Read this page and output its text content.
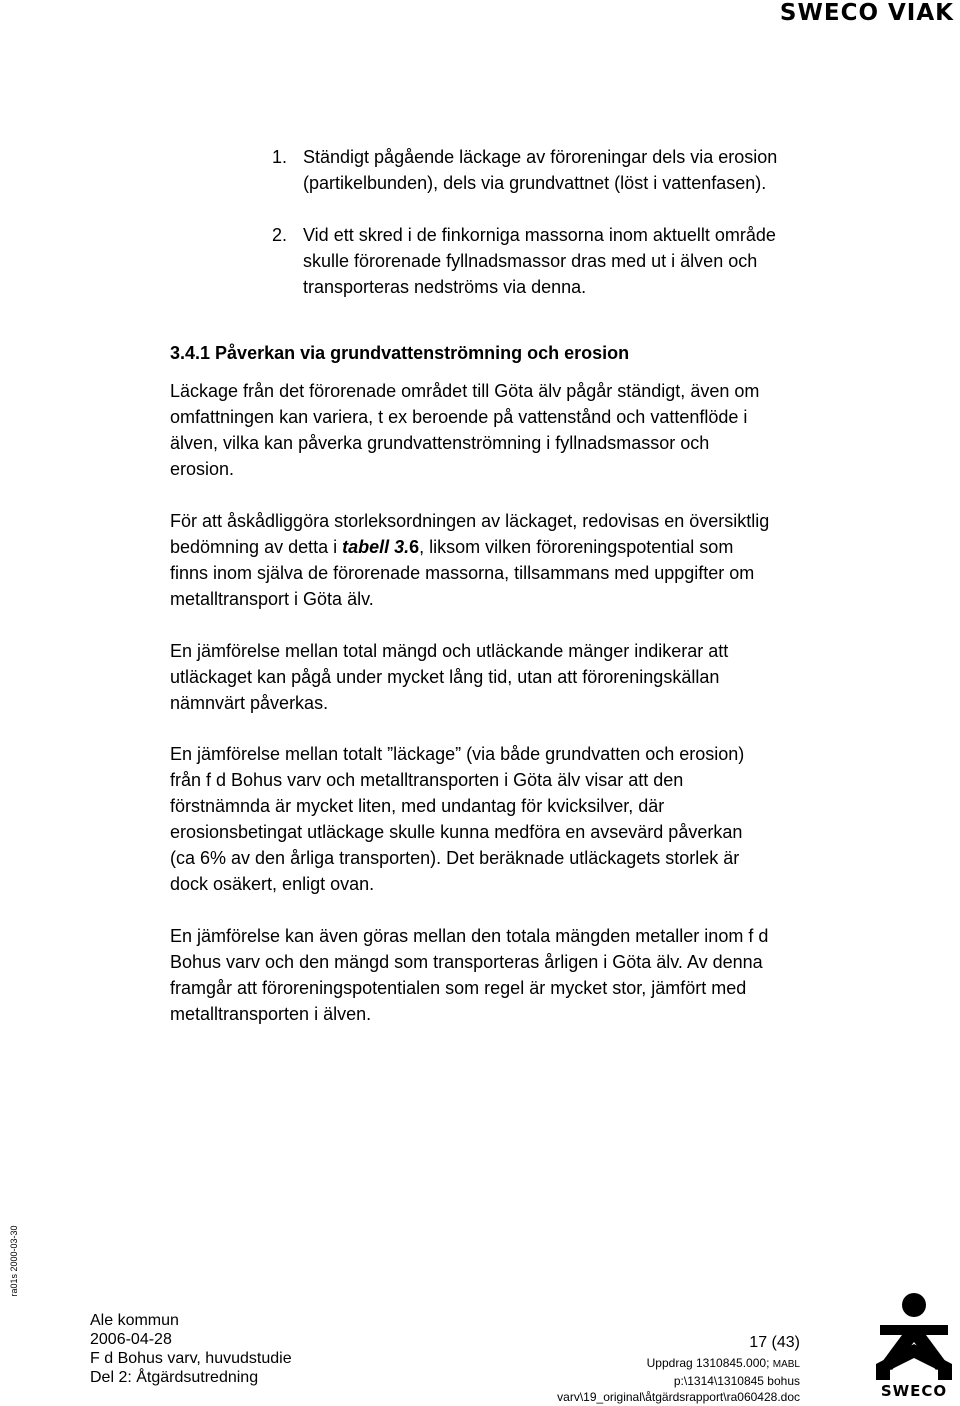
SWECO VIAK
1. Ständigt pågående läckage av föroreningar dels via erosion
(partikelbunden), dels via grundvattnet (löst i vattenfasen).
2. Vid ett skred i de finkorniga massorna inom aktuellt område
skulle förorenade fyllnadsmassor dras med ut i älven och
transporteras nedströms via denna.
3.4.1 Påverkan via grundvattenströmning och erosion

Läckage från det förorenade området till Göta älv pågår ständigt, även om
omfattningen kan variera, t ex beroende på vattenstånd och vattenflöde i
älven, vilka kan påverka grundvattenströmning i fyllnadsmassor och
erosion.

För att åskådliggöra storleksordningen av läckaget, redovisas en översiktlig
bedömning av detta i tabell 3.6, liksom vilken föroreningspotential som
finns inom själva de förorenade massorna, tillsammans med uppgifter om
metalltransport i Göta älv.

En jämförelse mellan total mängd och utläckande mänger indikerar att
utläckaget kan pågå under mycket lång tid, utan att föroreningskällan
nämnvärt påverkas.

En jämförelse mellan totalt ”läckage” (via både grundvatten och erosion)
från f d Bohus varv och metalltransporten i Göta älv visar att den
förstnämnda är mycket liten, med undantag för kvicksilver, där
erosionsbetingat utläckage skulle kunna medföra en avsevärd påverkan
(ca 6% av den årliga transporten). Det beräknade utläckagets storlek är
dock osäkert, enligt ovan.

En jämförelse kan även göras mellan den totala mängden metaller inom f d
Bohus varv och den mängd som transporteras årligen i Göta älv. Av denna
framgår att föroreningspotentialen som regel är mycket stor, jämfört med
metalltransporten i älven.

ra01s 2000-03-30
Ale kommun
2006-04-28
F d Bohus varv, huvudstudie
Del 2: Åtgärdsutredning
17 (43)
Uppdrag 1310845.000; MABL
p:\1314\1310845 bohus
varv\19_original\åtgärdsrapport\ra060428.doc	SWECO
